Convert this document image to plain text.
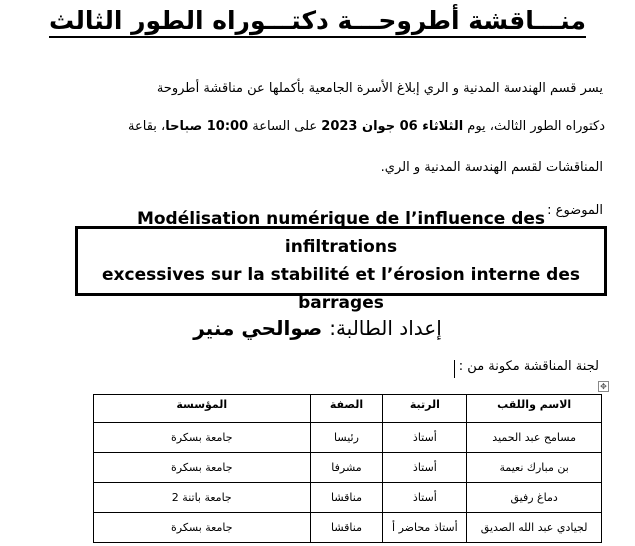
منـــاقشة أطروحـــة دكتـــوراه الطور الثالث
يسر قسم الهندسة المدنية و الري إبلاغ الأسرة الجامعية بأكملها عن مناقشة أطروحة
دكتوراه الطور الثالث، يوم الثلاثاء 06 جوان 2023 على الساعة 10:00 صباحا، بقاعة
المناقشات لقسم الهندسة المدنية و الري.
الموضوع :
Modélisation numérique de l’influence des infiltrations
excessives sur la stabilité et l’érosion interne des barrages
إعداد الطالبة: صوالحي منير
لجنة المناقشة مكونة من :
✥
الاسم واللقب	الرتبة	الصفة	المؤسسة
مسامح عبد الحميد	أستاذ	رئيسا	جامعة بسكرة
بن مبارك نعيمة	أستاذ	مشرفا	جامعة بسكرة
دماغ رفيق	أستاذ	مناقشا	جامعة باتنة 2
لجيادي عبد الله الصديق	أستاذ محاضر أ	مناقشا	جامعة بسكرة
